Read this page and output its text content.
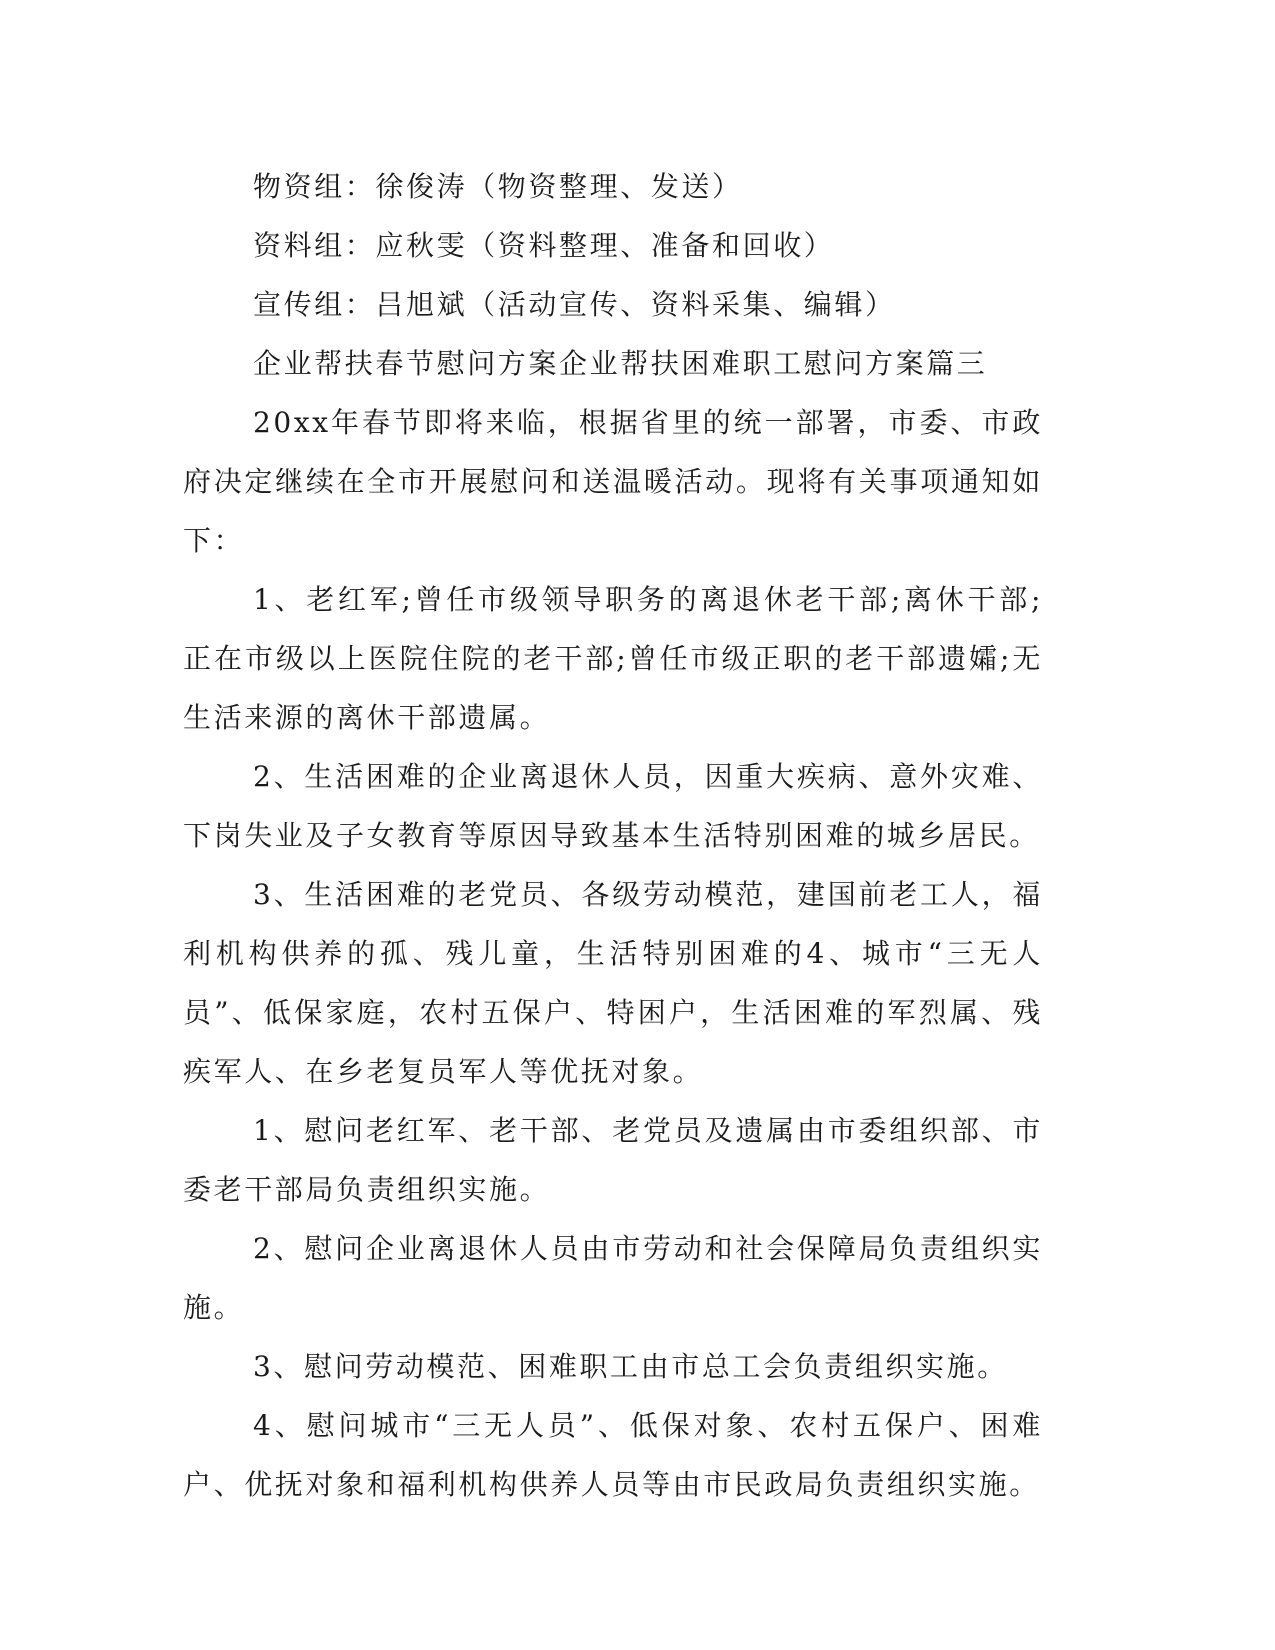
物资组：徐俊涛（物资整理、发送）

资料组：应秋雯（资料整理、准备和回收）

宣传组：吕旭斌（活动宣传、资料采集、编辑）

企业帮扶春节慰问方案企业帮扶困难职工慰问方案篇三

20xx年春节即将来临，根据省里的统一部署，市委、市政府决定继续在全市开展慰问和送温暖活动。现将有关事项通知如下：

1、老红军;曾任市级领导职务的离退休老干部;离休干部;正在市级以上医院住院的老干部;曾任市级正职的老干部遗孀;无生活来源的离休干部遗属。

2、生活困难的企业离退休人员，因重大疾病、意外灾难、下岗失业及子女教育等原因导致基本生活特别困难的城乡居民。

3、生活困难的老党员、各级劳动模范，建国前老工人，福利机构供养的孤、残儿童，生活特别困难的4、城市“三无人员”、低保家庭，农村五保户、特困户，生活困难的军烈属、残疾军人、在乡老复员军人等优抚对象。

1、慰问老红军、老干部、老党员及遗属由市委组织部、市委老干部局负责组织实施。

2、慰问企业离退休人员由市劳动和社会保障局负责组织实施。

3、慰问劳动模范、困难职工由市总工会负责组织实施。

4、慰问城市“三无人员”、低保对象、农村五保户、困难户、优抚对象和福利机构供养人员等由市民政局负责组织实施。
